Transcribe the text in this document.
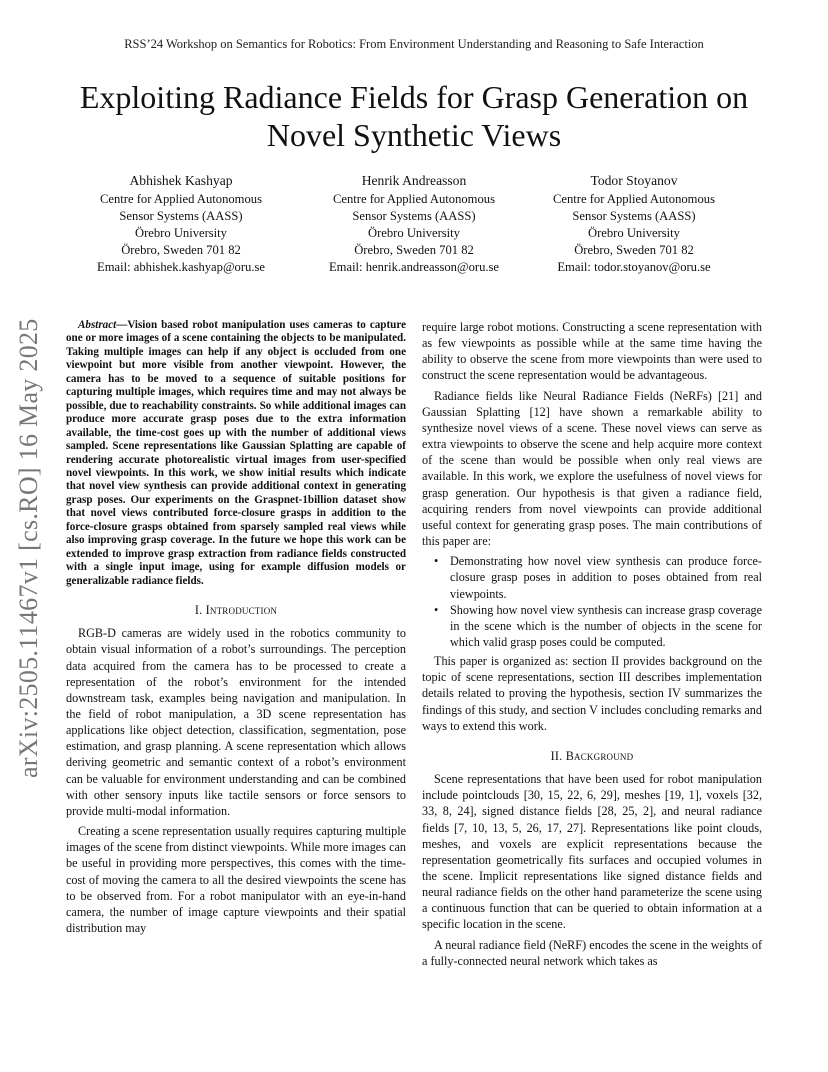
RSS’24 Workshop on Semantics for Robotics: From Environment Understanding and Reasoning to Safe Interaction
Exploiting Radiance Fields for Grasp Generation on
Novel Synthetic Views
Abhishek Kashyap
Centre for Applied Autonomous
Sensor Systems (AASS)
Örebro University
Örebro, Sweden 701 82
Email: abhishek.kashyap@oru.se
Henrik Andreasson
Centre for Applied Autonomous
Sensor Systems (AASS)
Örebro University
Örebro, Sweden 701 82
Email: henrik.andreasson@oru.se
Todor Stoyanov
Centre for Applied Autonomous
Sensor Systems (AASS)
Örebro University
Örebro, Sweden 701 82
Email: todor.stoyanov@oru.se
arXiv:2505.11467v1 [cs.RO] 16 May 2025	Abstract—Vision based robot manipulation uses cameras to capture one or more images of a scene containing the objects to be manipulated. Taking multiple images can help if any object is occluded from one viewpoint but more visible from another viewpoint. However, the camera has to be moved to a sequence of suitable positions for capturing multiple images, which requires time and may not always be possible, due to reachability constraints. So while additional images can produce more accurate grasp poses due to the extra information available, the time-cost goes up with the number of additional views sampled. Scene representations like Gaussian Splatting are capable of rendering accurate photorealistic virtual images from user-specified novel viewpoints. In this work, we show initial results which indicate that novel view synthesis can provide additional context in generating grasp poses. Our experiments on the Graspnet-1billion dataset show that novel views contributed force-closure grasps in addition to the force-closure grasps obtained from sparsely sampled real views while also improving grasp coverage. In the future we hope this work can be extended to improve grasp extraction from radiance fields constructed with a single input image, using for example diffusion models or generalizable radiance fields.

I. Introduction

RGB-D cameras are widely used in the robotics community to obtain visual information of a robot’s surroundings. The perception data acquired from the camera has to be processed to create a representation of the robot’s environment for the intended downstream task, examples being navigation and manipulation. In the field of robot manipulation, a 3D scene representation has applications like object detection, classification, segmentation, pose estimation, and grasp planning. A scene representation which allows deriving geometric and semantic context of a robot’s environment can be valuable for environment understanding and can be combined with other sensory inputs like tactile sensors or force sensors to provide multi-modal information.

Creating a scene representation usually requires capturing multiple images of the scene from distinct viewpoints. While more images can be useful in providing more perspectives, this comes with the time-cost of moving the camera to all the desired viewpoints the scene has to be observed from. For a robot manipulator with an eye-in-hand camera, the number of image capture viewpoints and their spatial distribution may

require large robot motions. Constructing a scene representation with as few viewpoints as possible while at the same time having the ability to observe the scene from more viewpoints than were used to construct the scene representation would be advantageous.

Radiance fields like Neural Radiance Fields (NeRFs) [21] and Gaussian Splatting [12] have shown a remarkable ability to synthesize novel views of a scene. These novel views can serve as extra viewpoints to observe the scene and help acquire more context of the scene than would be possible when only real views are available. In this work, we explore the usefulness of novel views for grasp generation. Our hypothesis is that given a radiance field, acquiring renders from novel viewpoints can provide additional useful context for generating grasp poses. The main contributions of this paper are:

• Demonstrating how novel view synthesis can produce force-closure grasp poses in addition to poses obtained from real viewpoints.
• Showing how novel view synthesis can increase grasp coverage in the scene which is the number of objects in the scene for which valid grasp poses could be computed.

This paper is organized as: section II provides background on the topic of scene representations, section III describes implementation details related to proving the hypothesis, section IV summarizes the findings of this study, and section V includes concluding remarks and ways to extend this work.

II. Background

Scene representations that have been used for robot manipulation include pointclouds [30, 15, 22, 6, 29], meshes [19, 1], voxels [32, 33, 8, 24], signed distance fields [28, 25, 2], and neural radiance fields [7, 10, 13, 5, 26, 17, 27]. Representations like point clouds, meshes, and voxels are explicit representations because the representation geometrically fits surfaces and occupied volumes in the scene. Implicit representations like signed distance fields and neural radiance fields on the other hand parameterize the scene using a continuous function that can be queried to obtain information at a specific location in the scene.

A neural radiance field (NeRF) encodes the scene in the weights of a fully-connected neural network which takes as
